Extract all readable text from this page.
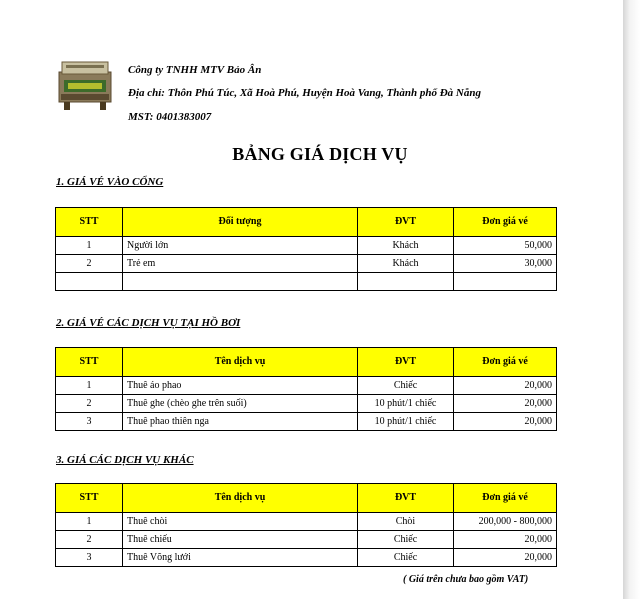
Công ty TNHH MTV Bảo Ân
Địa chỉ: Thôn Phú Túc, Xã Hoà Phú, Huyện Hoà Vang, Thành phố Đà Nẵng
MST: 0401383007
BẢNG GIÁ DỊCH VỤ
1. GIÁ VÉ VÀO CỔNG
STT	Đối tượng	ĐVT	Đơn giá vé
1	Người lớn	Khách	50,000
2	Trẻ em	Khách	30,000

2. GIÁ VÉ CÁC DỊCH VỤ TẠI HỒ BƠI
STT	Tên dịch vụ	ĐVT	Đơn giá vé
1	Thuê áo phao	Chiếc	20,000
2	Thuê ghe (chèo ghe trên suối)	10 phút/1 chiếc	20,000
3	Thuê phao thiên nga	10 phút/1 chiếc	20,000
3. GIÁ CÁC DỊCH VỤ KHÁC
STT	Tên dịch vụ	ĐVT	Đơn giá vé
1	Thuê chòi	Chòi	200,000 - 800,000
2	Thuê chiếu	Chiếc	20,000
3	Thuê Võng lưới	Chiếc	20,000
( Giá trên chưa bao gồm VAT)
